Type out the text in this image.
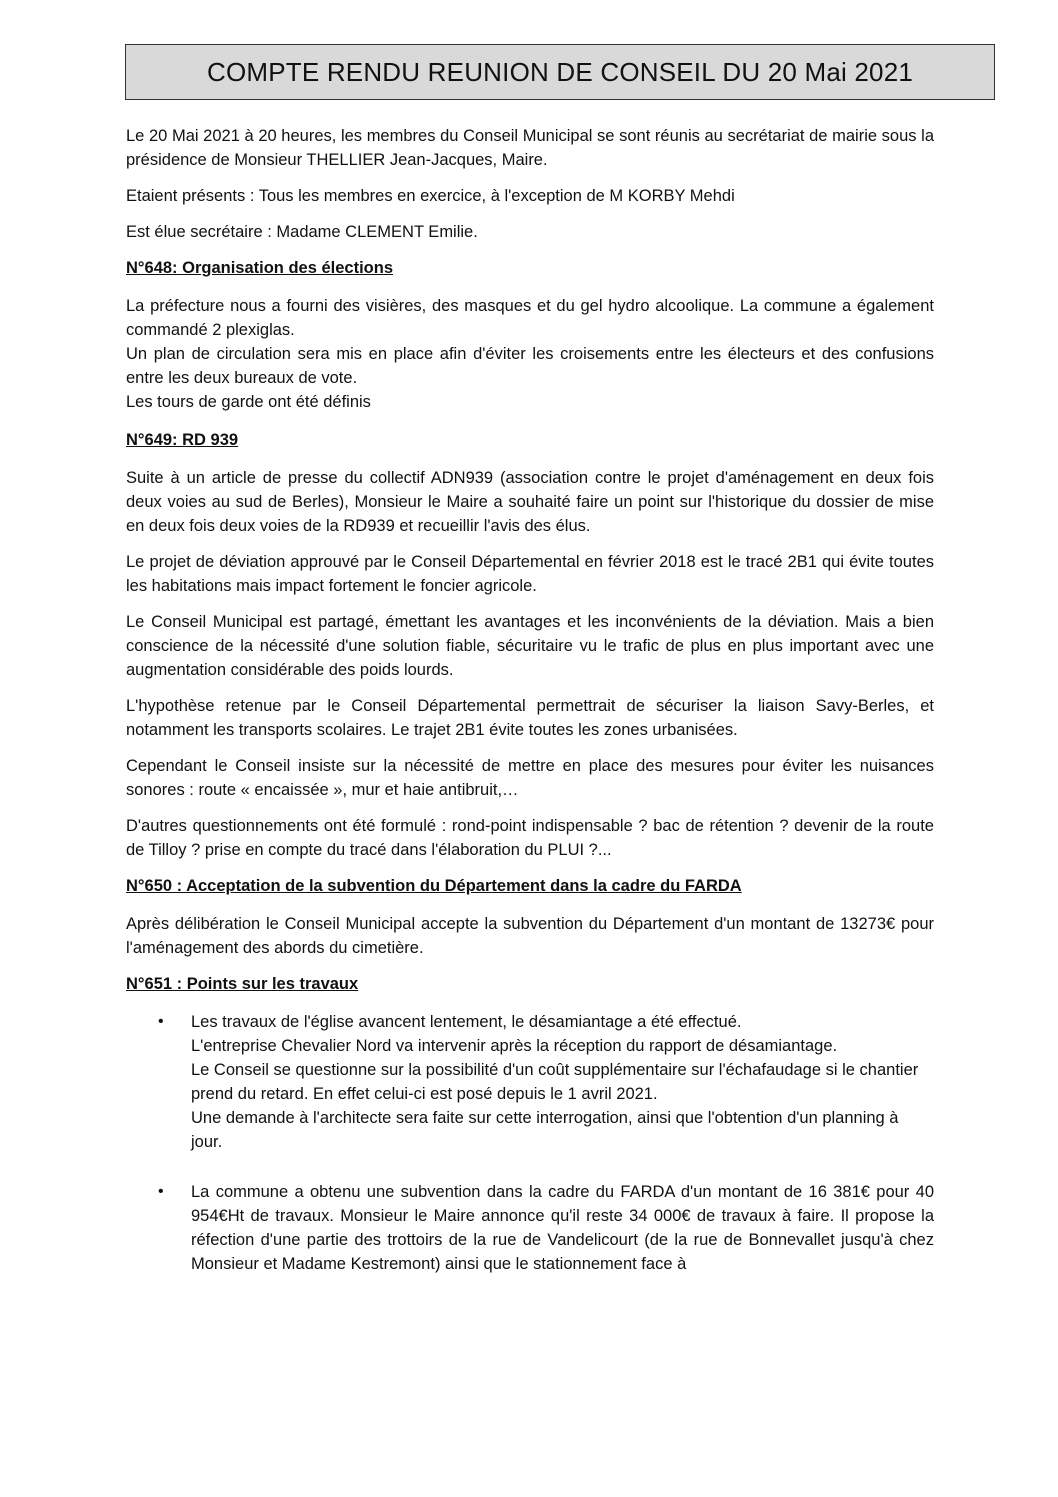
COMPTE RENDU REUNION DE CONSEIL DU 20 Mai 2021

Le 20 Mai 2021 à 20 heures, les membres du Conseil Municipal se sont réunis au secrétariat de mairie sous la présidence de Monsieur THELLIER Jean-Jacques, Maire.

Etaient présents : Tous les membres en exercice, à l'exception de M KORBY Mehdi

Est élue secrétaire : Madame CLEMENT Emilie.

N°648: Organisation des élections

La préfecture nous a fourni des visières, des masques et du gel hydro alcoolique. La commune a également commandé 2 plexiglas.

Un plan de circulation sera mis en place afin d'éviter les croisements entre les électeurs et des confusions entre les deux bureaux de vote.

Les tours de garde ont été définis

N°649: RD 939

Suite à un article de presse du collectif ADN939 (association contre le projet d'aménagement en deux fois deux voies au sud de Berles), Monsieur le Maire a souhaité faire un point sur l'historique du dossier de mise en deux fois deux voies de la RD939 et recueillir l'avis des élus.

Le projet de déviation approuvé par le Conseil Départemental en février 2018 est le tracé 2B1 qui évite toutes les habitations mais impact fortement le foncier agricole.

Le Conseil Municipal est partagé, émettant les avantages et les inconvénients de la déviation. Mais a bien conscience de la nécessité d'une solution fiable, sécuritaire vu le trafic de plus en plus important avec une augmentation considérable des poids lourds.

L'hypothèse retenue par le Conseil Départemental permettrait de sécuriser la liaison Savy-Berles, et notamment les transports scolaires. Le trajet 2B1 évite toutes les zones urbanisées.

Cependant le Conseil insiste sur la nécessité de mettre en place des mesures pour éviter les nuisances sonores : route « encaissée », mur et haie antibruit,…

D'autres questionnements ont été formulé : rond-point indispensable ? bac de rétention ? devenir de la route de Tilloy ? prise en compte du tracé dans l'élaboration du PLUI ?...

N°650 : Acceptation de la subvention du Département dans la cadre du FARDA

Après délibération le Conseil Municipal accepte la subvention du Département d'un montant de 13273€ pour l'aménagement des abords du cimetière.

N°651 : Points sur les travaux
• Les travaux de l'église avancent lentement, le désamiantage a été effectué.
L'entreprise Chevalier Nord va intervenir après la réception du rapport de désamiantage.
Le Conseil se questionne sur la possibilité d'un coût supplémentaire sur l'échafaudage si le chantier prend du retard. En effet celui-ci est posé depuis le 1 avril 2021.
Une demande à l'architecte sera faite sur cette interrogation, ainsi que l'obtention d'un planning à jour.
• La commune a obtenu une subvention dans la cadre du FARDA d'un montant de 16 381€ pour 40 954€Ht de travaux. Monsieur le Maire annonce qu'il reste 34 000€ de travaux à faire. Il propose la réfection d'une partie des trottoirs de la rue de Vandelicourt (de la rue de Bonnevallet jusqu'à chez Monsieur et Madame Kestremont) ainsi que le stationnement face à
